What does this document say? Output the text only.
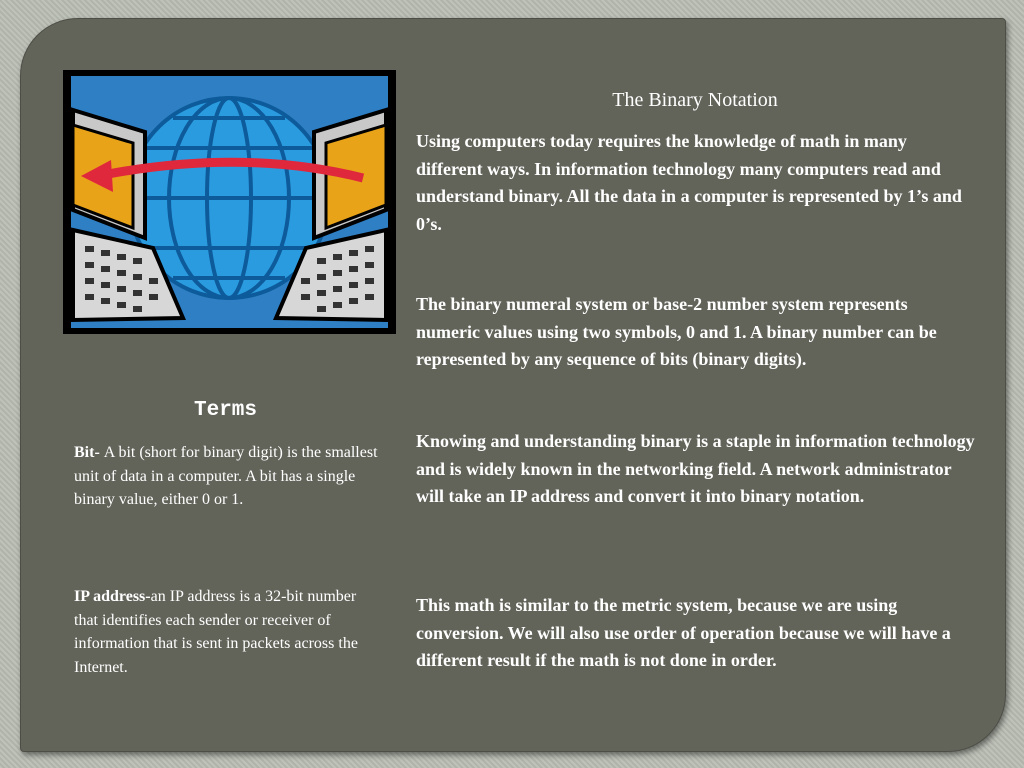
The Binary Notation

Using computers today requires the knowledge of math in many different ways. In information technology many computers read and understand binary. All the data in a computer is represented by 1’s and 0’s.

The binary numeral system or base-2 number system represents numeric values using two symbols, 0 and 1. A binary number can be represented by any sequence of bits (binary digits).

Knowing and understanding binary is a staple in information technology and is widely known in the networking field. A network administrator will take an IP address and convert it into binary notation.

This math is similar to the metric system, because we are using conversion. We will also use order of operation because we will have a different result if the math is not done in order.

Terms

Bit- A bit (short for binary digit) is the smallest unit of data in a computer. A bit has a single binary value, either 0 or 1.

IP address-an IP address is a 32-bit number that identifies each sender or receiver of information that is sent in packets across the Internet.
